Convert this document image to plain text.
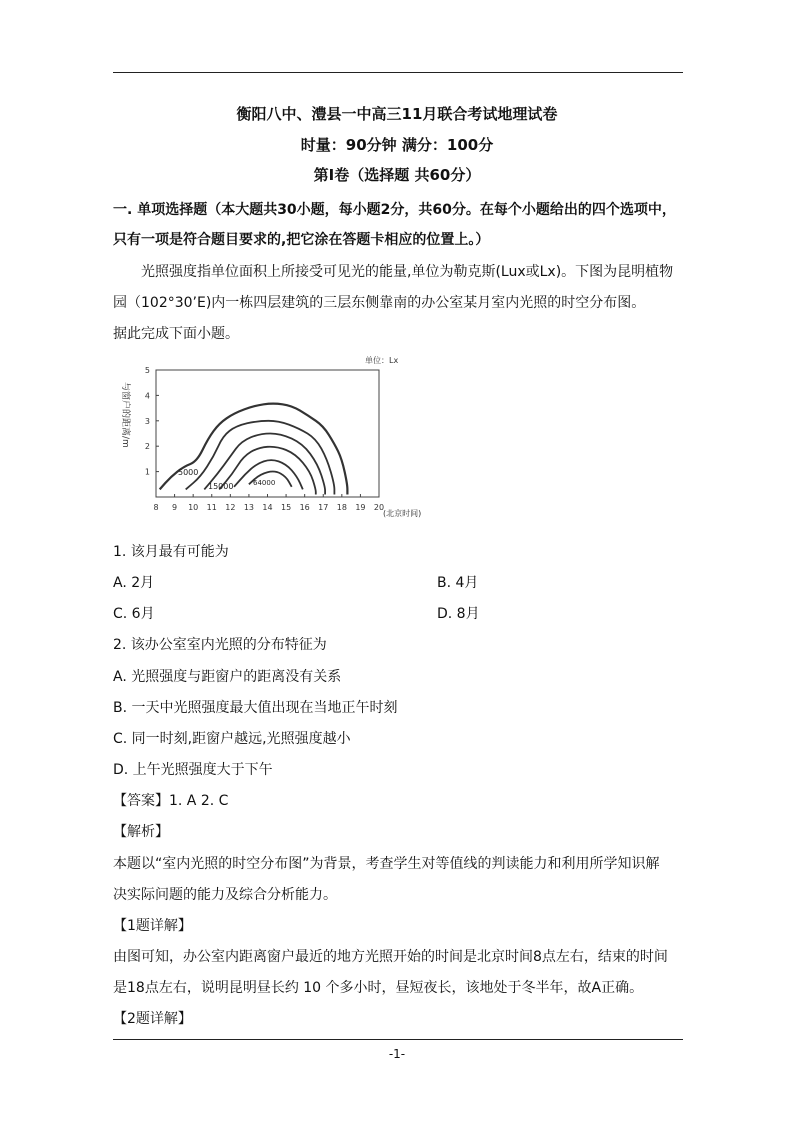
衡阳八中、澧县一中高三11月联合考试地理试卷
时量：90分钟 满分：100分
第Ⅰ卷（选择题 共60分）
一. 单项选择题（本大题共30小题，每小题2分，共60分。在每个小题给出的四个选项中，
只有一项是符合题目要求的,把它涂在答题卡相应的位置上。）
光照强度指单位面积上所接受可见光的能量,单位为勒克斯(Lux或Lx)。下图为昆明植物
园（102°30’E)内一栋四层建筑的三层东侧靠南的办公室某月室内光照的时空分布图。
据此完成下面小题。
单位：Lx
与窗户的距离/m
(北京时间)
1
2
3
4
5
8 9 10 11 12 13 14 15 16 17 18 19 20
5000
15000	64000
1. 该月最有可能为
A. 2月	B. 4月
C. 6月	D. 8月
2. 该办公室室内光照的分布特征为
A. 光照强度与距窗户的距离没有关系
B. 一天中光照强度最大值出现在当地正午时刻
C. 同一时刻,距窗户越远,光照强度越小
D. 上午光照强度大于下午
【答案】1. A 2. C
【解析】
本题以“室内光照的时空分布图”为背景，考查学生对等值线的判读能力和利用所学知识解
决实际问题的能力及综合分析能力。
【1题详解】
由图可知，办公室内距离窗户最近的地方光照开始的时间是北京时间8点左右，结束的时间
是18点左右，说明昆明昼长约 10 个多小时，昼短夜长，该地处于冬半年，故A正确。
【2题详解】
-1-
